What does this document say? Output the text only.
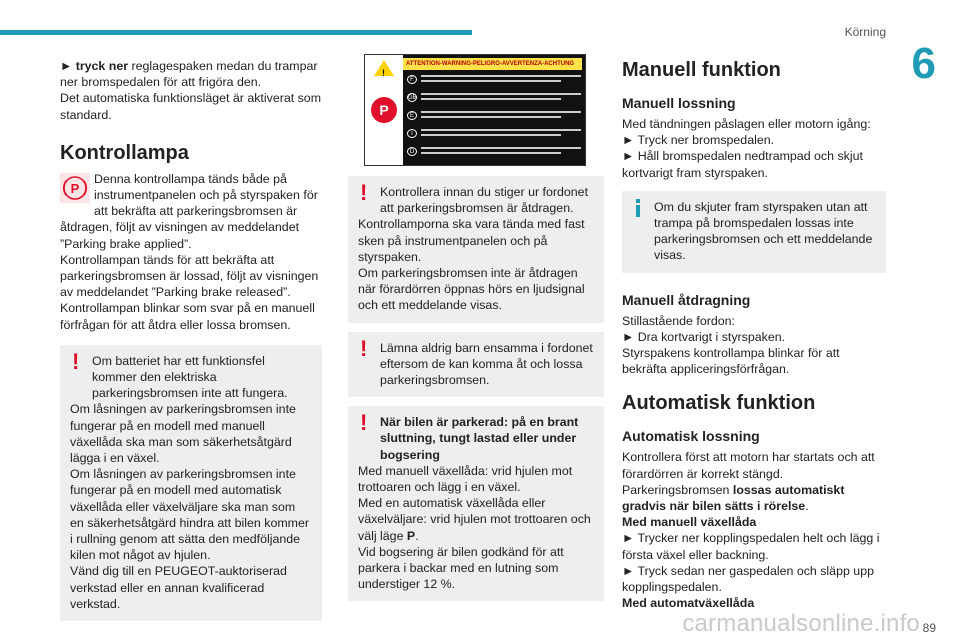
Körning
6

► tryck ner reglagespaken medan du trampar ner bromspedalen för att frigöra den.

Det automatiska funktionsläget är aktiverat som standard.

Kontrollampa
P
Denna kontrollampa tänds både på instrumentpanelen och på styrspaken för att bekräfta att parkeringsbromsen är åtdragen, följt av visningen av meddelandet ”Parking brake applied”.

Kontrollampan tänds för att bekräfta att parkeringsbromsen är lossad, följt av visningen av meddelandet ”Parking brake released”.

Kontrollampan blinkar som svar på en manuell förfrågan för att åtdra eller lossa bromsen.

!	Om batteriet har ett funktionsfel kommer den elektriska parkeringsbromsen inte att fungera.

Om låsningen av parkeringsbromsen inte fungerar på en modell med manuell växellåda ska man som säkerhetsåtgärd lägga i en växel.

Om låsningen av parkeringsbromsen inte fungerar på en modell med automatisk växellåda eller växelväljare ska man som en säkerhetsåtgärd hindra att bilen kommer i rullning genom att sätta den medföljande kilen mot något av hjulen.

Vänd dig till en PEUGEOT-auktoriserad verkstad eller en annan kvalificerad verkstad.

!
P
ATTENTION-WARNING-PELIGRO-AVVERTENZA-ACHTUNG
F
GB
E
I
D
!	Kontrollera innan du stiger ur fordonet att parkeringsbromsen är åtdragen.

Kontrollamporna ska vara tända med fast sken på instrumentpanelen och på styrspaken.

Om parkeringsbromsen inte är åtdragen när förardörren öppnas hörs en ljudsignal och ett meddelande visas.

!	Lämna aldrig barn ensamma i fordonet eftersom de kan komma åt och lossa parkeringsbromsen.
!	När bilen är parkerad: på en brant sluttning, tungt lastad eller under bogsering

Med manuell växellåda: vrid hjulen mot trottoaren och lägg i en växel.

Med en automatisk växellåda eller växelväljare: vrid hjulen mot trottoaren och välj läge P.

Vid bogsering är bilen godkänd för att parkera i backar med en lutning som understiger 12 %.

Manuell funktion
Manuell lossning

Med tändningen påslagen eller motorn igång:

► Tryck ner bromspedalen.

► Håll bromspedalen nedtrampad och skjut kortvarigt fram styrspaken.

Om du skjuter fram styrspaken utan att trampa på bromspedalen lossas inte parkeringsbromsen och ett meddelande visas.
Manuell åtdragning

Stillastående fordon:

► Dra kortvarigt i styrspaken.

Styrspakens kontrollampa blinkar för att bekräfta appliceringsförfrågan.

Automatisk funktion
Automatisk lossning

Kontrollera först att motorn har startats och att förardörren är korrekt stängd.

Parkeringsbromsen lossas automatiskt gradvis när bilen sätts i rörelse.

Med manuell växellåda

► Trycker ner kopplingspedalen helt och lägg i första växel eller backning.

► Tryck sedan ner gaspedalen och släpp upp kopplingspedalen.

Med automatväxellåda

carmanualsonline.info 89
